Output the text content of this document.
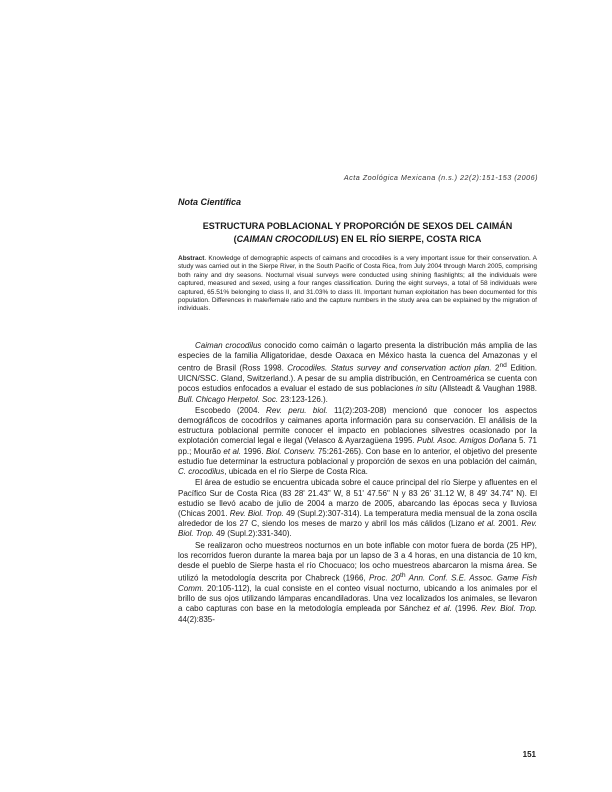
Acta Zoológica Mexicana (n.s.) 22(2):151-153 (2006)
Nota Científica
ESTRUCTURA POBLACIONAL Y PROPORCIÓN DE SEXOS DEL CAIMÁN
(CAIMAN CROCODILUS) EN EL RÍO SIERPE, COSTA RICA
Abstract. Knowledge of demographic aspects of caimans and crocodiles is a very important issue for their conservation. A study was carried out in the Sierpe River, in the South Pacific of Costa Rica, from July 2004 through March 2005, comprising both rainy and dry seasons. Nocturnal visual surveys were conducted using shining flashlights; all the individuals were captured, measured and sexed, using a four ranges classification. During the eight surveys, a total of 58 individuals were captured, 65.51% belonging to class II, and 31.03% to class III. Important human exploitation has been documented for this population. Differences in male/female ratio and the capture numbers in the study area can be explained by the migration of individuals.

Caiman crocodilus conocido como caimán o lagarto presenta la distribución más amplia de las especies de la familia Alligatoridae, desde Oaxaca en México hasta la cuenca del Amazonas y el centro de Brasil (Ross 1998. Crocodiles. Status survey and conservation action plan. 2nd Edition. UICN/SSC. Gland, Switzerland.). A pesar de su amplia distribución, en Centroamérica se cuenta con pocos estudios enfocados a evaluar el estado de sus poblaciones in situ (Allsteadt & Vaughan 1988. Bull. Chicago Herpetol. Soc. 23:123-126.).

Escobedo (2004. Rev. peru. biol. 11(2):203-208) mencionó que conocer los aspectos demográficos de cocodrilos y caimanes aporta información para su conservación. El análisis de la estructura poblacional permite conocer el impacto en poblaciones silvestres ocasionado por la explotación comercial legal e ilegal (Velasco & Ayarzagüena 1995. Publ. Asoc. Amigos Doñana 5. 71 pp.; Mourão et al. 1996. Biol. Conserv. 75:261-265). Con base en lo anterior, el objetivo del presente estudio fue determinar la estructura poblacional y proporción de sexos en una población del caimán, C. crocodilus, ubicada en el río Sierpe de Costa Rica.

El área de estudio se encuentra ubicada sobre el cauce principal del río Sierpe y afluentes en el Pacífico Sur de Costa Rica (83 28' 21.43" W, 8 51' 47.56" N y 83 26' 31.12 W, 8 49' 34.74" N). El estudio se llevó acabo de julio de 2004 a marzo de 2005, abarcando las épocas seca y lluviosa (Chicas 2001. Rev. Biol. Trop. 49 (Supl.2):307-314). La temperatura media mensual de la zona oscila alrededor de los 27 C, siendo los meses de marzo y abril los más cálidos (Lizano et al. 2001. Rev. Biol. Trop. 49 (Supl.2):331-340).

Se realizaron ocho muestreos nocturnos en un bote inflable con motor fuera de borda (25 HP), los recorridos fueron durante la marea baja por un lapso de 3 a 4 horas, en una distancia de 10 km, desde el pueblo de Sierpe hasta el río Chocuaco; los ocho muestreos abarcaron la misma área. Se utilizó la metodología descrita por Chabreck (1966, Proc. 20th Ann. Conf. S.E. Assoc. Game Fish Comm. 20:105-112), la cual consiste en el conteo visual nocturno, ubicando a los animales por el brillo de sus ojos utilizando lámparas encandiladoras. Una vez localizados los animales, se llevaron a cabo capturas con base en la metodología empleada por Sánchez et al. (1996. Rev. Biol. Trop. 44(2):835-

151
